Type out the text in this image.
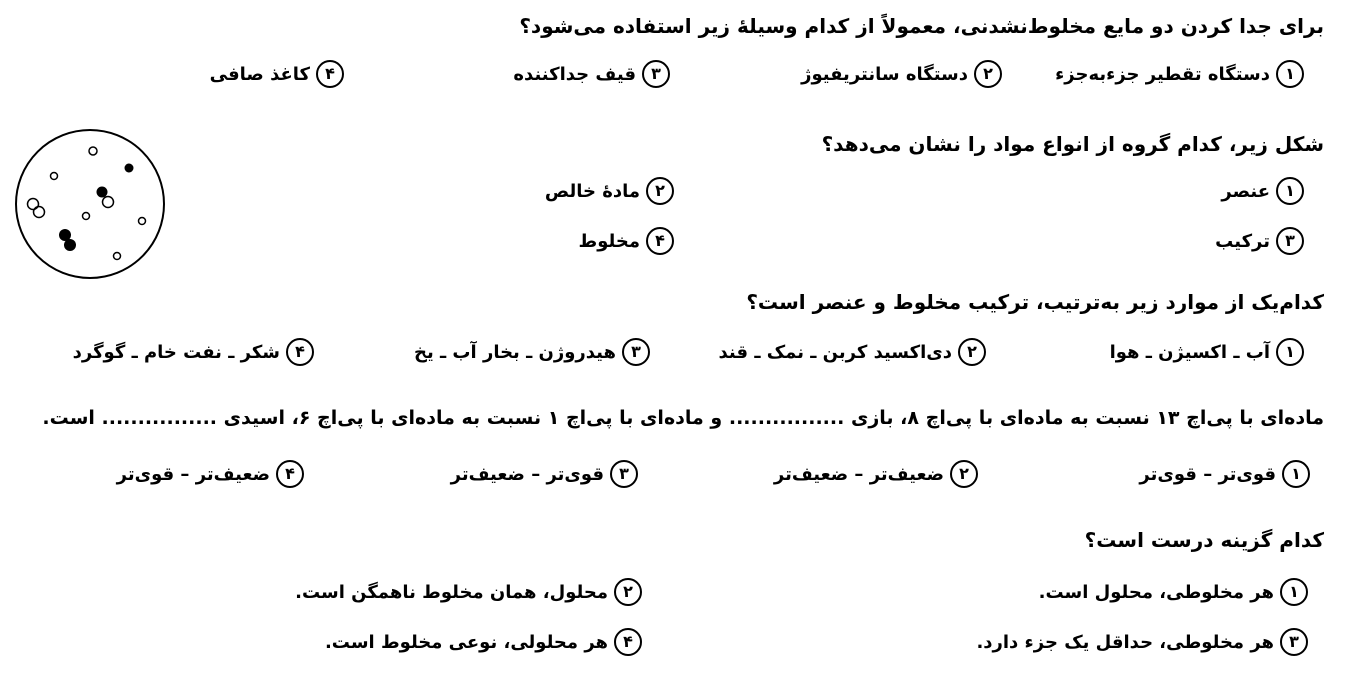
برای جدا کردن دو مایع مخلوط‌نشدنی، معمولاً از کدام وسیلهٔ زیر استفاده می‌شود؟

۱
دستگاه تقطیر جزءبه‌جزء
۲
دستگاه سانتریفیوژ
۳
قیف جداکننده
۴
کاغذ صافی

شکل زیر، کدام گروه از انواع مواد را نشان می‌دهد؟

۱
عنصر
۲
مادهٔ خالص
۳
ترکیب
۴
مخلوط

کدام‌یک از موارد زیر به‌ترتیب، ترکیب مخلوط و عنصر است؟

۱
آب ـ اکسیژن ـ هوا
۲
دی‌اکسید کربن ـ نمک ـ قند
۳
هیدروژن ـ بخار آب ـ یخ
۴
شکر ـ نفت خام ـ گوگرد

ماده‌ای با پی‌اچ ۱۳ نسبت به ماده‌ای با پی‌اچ ۸، بازی ................ و ماده‌ای با پی‌اچ ۱ نسبت به ماده‌ای با پی‌اچ ۶، اسیدی ................ است.

۱
قوی‌تر – قوی‌تر
۲
ضعیف‌تر – ضعیف‌تر
۳
قوی‌تر – ضعیف‌تر
۴
ضعیف‌تر – قوی‌تر

کدام گزینه درست است؟

۱
هر مخلوطی، محلول است.
۲
محلول، همان مخلوط ناهمگن است.
۳
هر مخلوطی، حداقل یک جزء دارد.
۴
هر محلولی، نوعی مخلوط است.
